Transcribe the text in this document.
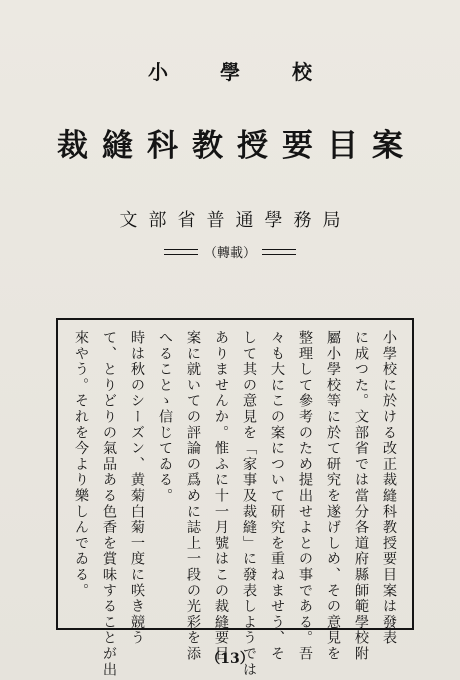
小學校
裁縫科教授要目案
文部省普通學務局
（轉載）
小學校に於ける改正裁縫科教授要目案は發表
に成つた。文部省では當分各道府縣師範學校附
屬小學校等に於て研究を遂げしめ、その意見を
整理して參考のため提出せよとの事である。吾
々も大にこの案について研究を重ねませう、そ
して其の意見を「家事及裁縫」に發表しようでは
ありませんか。惟ふに十一月號はこの裁縫要目
案に就いての評論の爲めに誌上一段の光彩を添
へることゝ信じてゐる。
時は秋のシーズン、黄菊白菊一度に咲き競う
て、とりどりの氣品ある色香を賞味することが出
來やう。それを今より樂しんでゐる。
（13）
